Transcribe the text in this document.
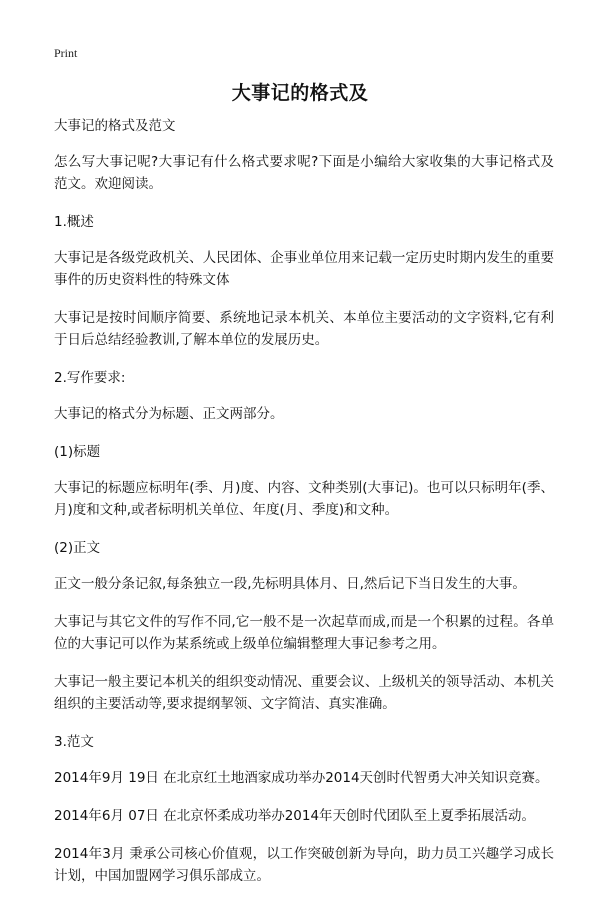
Print
大事记的格式及

大事记的格式及范文

怎么写大事记呢?大事记有什么格式要求呢?下面是小编给大家收集的大事记格式及范文。欢迎阅读。

1.概述

大事记是各级党政机关、人民团体、企事业单位用来记载一定历史时期内发生的重要事件的历史资料性的特殊文体

大事记是按时间顺序简要、系统地记录本机关、本单位主要活动的文字资料,它有利于日后总结经验教训,了解本单位的发展历史。

2.写作要求:

大事记的格式分为标题、正文两部分。

(1)标题

大事记的标题应标明年(季、月)度、内容、文种类别(大事记)。也可以只标明年(季、月)度和文种,或者标明机关单位、年度(月、季度)和文种。

(2)正文

正文一般分条记叙,每条独立一段,先标明具体月、日,然后记下当日发生的大事。

大事记与其它文件的写作不同,它一般不是一次起草而成,而是一个积累的过程。各单位的大事记可以作为某系统或上级单位编辑整理大事记参考之用。

大事记一般主要记本机关的组织变动情况、重要会议、上级机关的领导活动、本机关组织的主要活动等,要求提纲挈领、文字简洁、真实准确。

3.范文

2014年9月 19日 在北京红土地酒家成功举办2014天创时代智勇大冲关知识竞赛。

2014年6月 07日 在北京怀柔成功举办2014年天创时代团队至上夏季拓展活动。

2014年3月 秉承公司核心价值观，以工作突破创新为导向，助力员工兴趣学习成长计划，中国加盟网学习俱乐部成立。
